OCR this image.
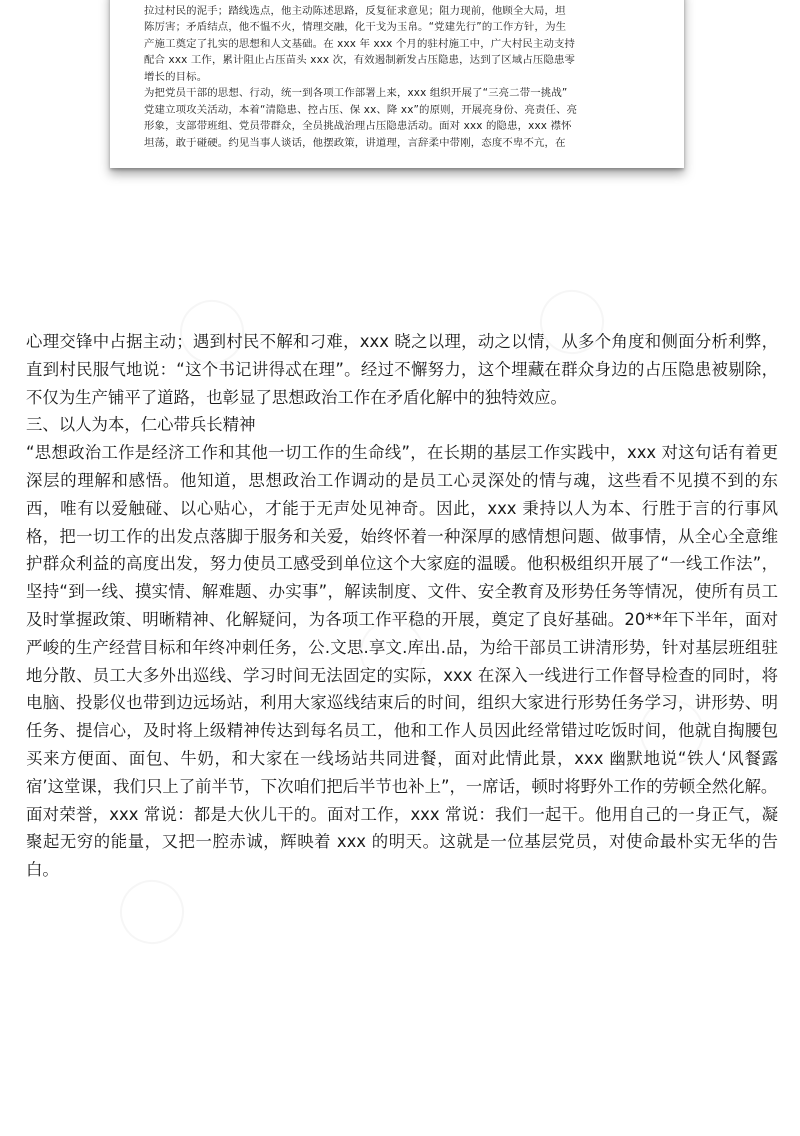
拉过村民的泥手；踏线选点，他主动陈述思路，反复征求意见；阻力现前，他顾全大局，坦

陈厉害；矛盾结点，他不愠不火，情理交融，化干戈为玉帛。“党建先行”的工作方针，为生

产施工奠定了扎实的思想和人文基础。在 xxx 年 xxx 个月的驻村施工中，广大村民主动支持

配合 xxx 工作，累计阻止占压苗头 xxx 次，有效遏制新发占压隐患，达到了区域占压隐患零

增长的目标。

为把党员干部的思想、行动，统一到各项工作部署上来，xxx 组织开展了“三亮二带一挑战”

党建立项攻关活动，本着“清隐患、控占压、保 xx、降 xx”的原则，开展亮身份、亮责任、亮

形象，支部带班组、党员带群众，全员挑战治理占压隐患活动。面对 xxx 的隐患，xxx 襟怀

坦荡，敢于碰硬。约见当事人谈话，他摆政策，讲道理，言辞柔中带刚，态度不卑不亢，在

心理交锋中占据主动；遇到村民不解和刁难，xxx 晓之以理，动之以情，从多个角度和侧面分析利弊，直到村民服气地说：“这个书记讲得忒在理”。经过不懈努力，这个埋藏在群众身边的占压隐患被剔除，不仅为生产铺平了道路，也彰显了思想政治工作在矛盾化解中的独特效应。

三、以人为本，仁心带兵长精神

“思想政治工作是经济工作和其他一切工作的生命线”，在长期的基层工作实践中，xxx 对这句话有着更深层的理解和感悟。他知道，思想政治工作调动的是员工心灵深处的情与魂，这些看不见摸不到的东西，唯有以爱触碰、以心贴心，才能于无声处见神奇。因此，xxx 秉持以人为本、行胜于言的行事风格，把一切工作的出发点落脚于服务和关爱，始终怀着一种深厚的感情想问题、做事情，从全心全意维护群众利益的高度出发，努力使员工感受到单位这个大家庭的温暖。他积极组织开展了“一线工作法”，坚持“到一线、摸实情、解难题、办实事”，解读制度、文件、安全教育及形势任务等情况，使所有员工及时掌握政策、明晰精神、化解疑问，为各项工作平稳的开展，奠定了良好基础。20**年下半年，面对严峻的生产经营目标和年终冲刺任务，公.文思.享文.库出.品，为给干部员工讲清形势，针对基层班组驻地分散、员工大多外出巡线、学习时间无法固定的实际，xxx 在深入一线进行工作督导检查的同时，将电脑、投影仪也带到边远场站，利用大家巡线结束后的时间，组织大家进行形势任务学习，讲形势、明任务、提信心，及时将上级精神传达到每名员工，他和工作人员因此经常错过吃饭时间，他就自掏腰包买来方便面、面包、牛奶，和大家在一线场站共同进餐，面对此情此景，xxx 幽默地说“铁人‘风餐露宿’这堂课，我们只上了前半节，下次咱们把后半节也补上”，一席话，顿时将野外工作的劳顿全然化解。

面对荣誉，xxx 常说：都是大伙儿干的。面对工作，xxx 常说：我们一起干。他用自己的一身正气，凝聚起无穷的能量，又把一腔赤诚，辉映着 xxx 的明天。这就是一位基层党员，对使命最朴实无华的告白。
